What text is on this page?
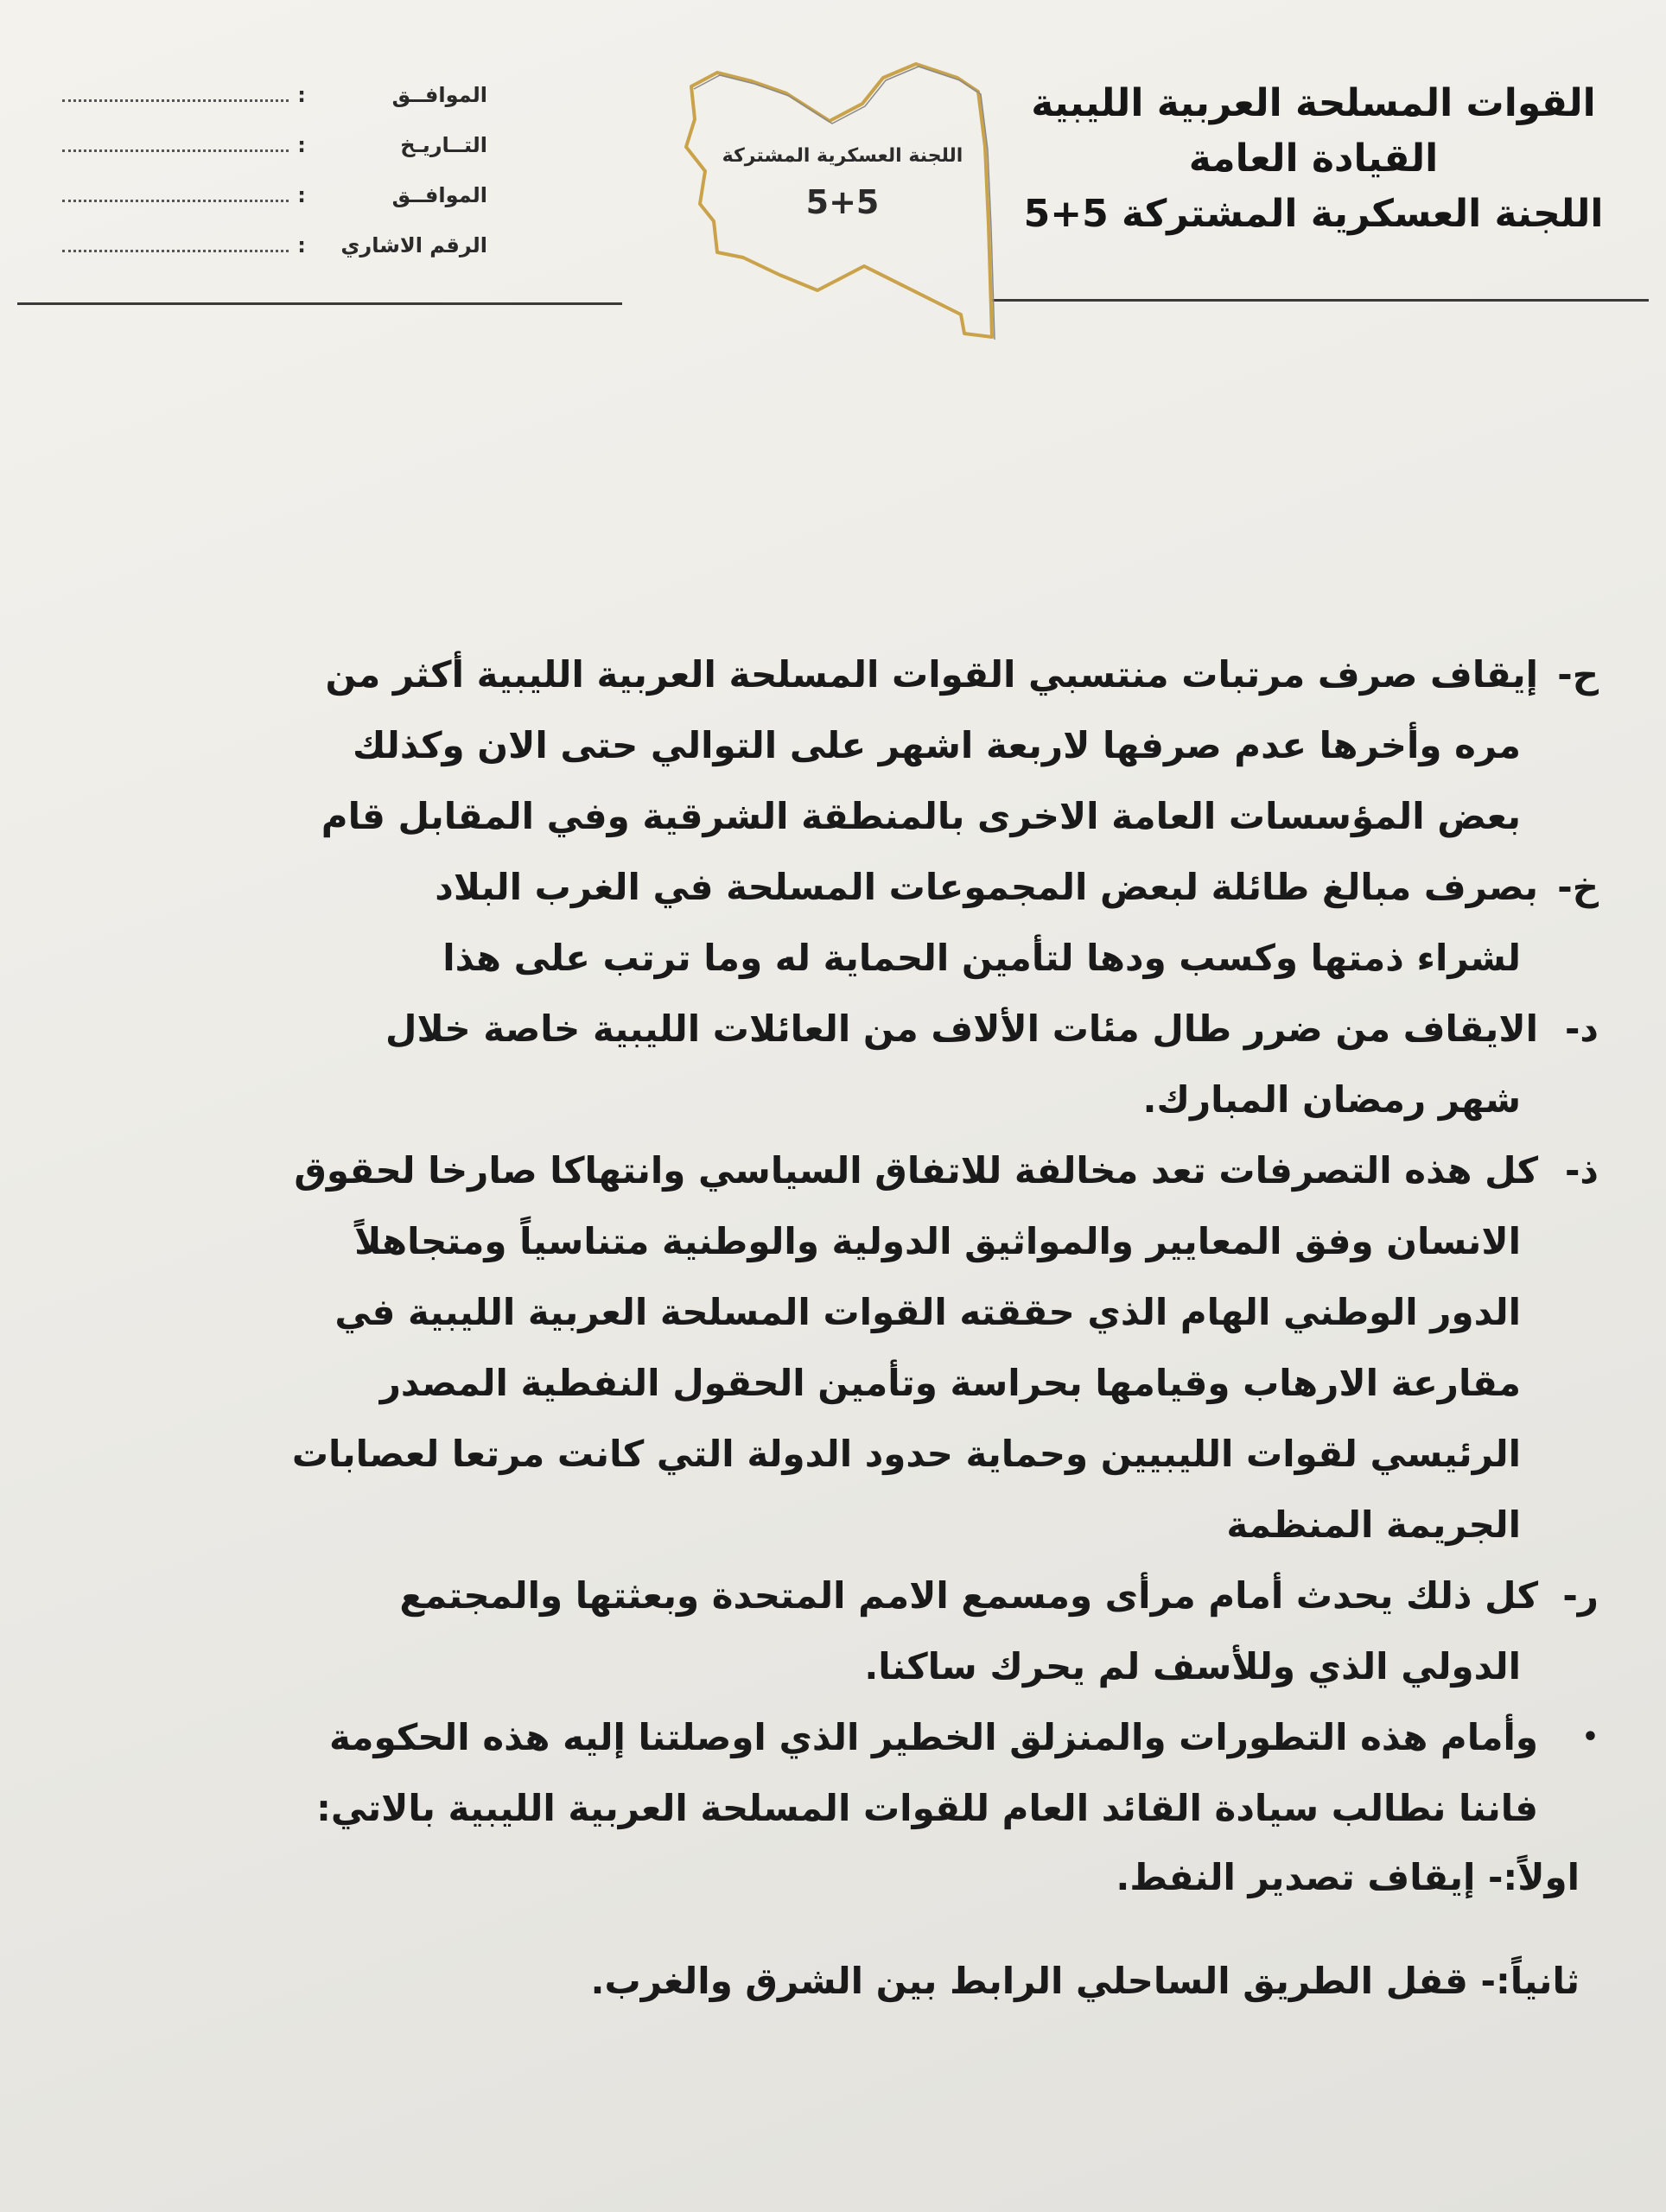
القوات المسلحة العربية الليبية
القيادة العامة
اللجنة العسكرية المشتركة 5+5
الموافــق
:
التــاريـخ
:
الموافــق
:
الرقم الاشاري
:
اللجنة العسكرية المشتركة
5+5
ح-
إيقاف صرف مرتبات منتسبي القوات المسلحة العربية الليبية أكثر من
مره وأخرها عدم صرفها لاربعة اشهر على التوالي حتى الان وكذلك
بعض المؤسسات العامة الاخرى بالمنطقة الشرقية وفي المقابل قام
خ-
بصرف مبالغ طائلة لبعض المجموعات المسلحة في الغرب البلاد
لشراء ذمتها وكسب ودها لتأمين الحماية له وما ترتب على هذا
د-
الايقاف من ضرر طال مئات الألاف من العائلات الليبية خاصة خلال
شهر رمضان المبارك.
ذ-
كل هذه التصرفات تعد مخالفة للاتفاق السياسي وانتهاكا صارخا لحقوق
الانسان وفق المعايير والمواثيق الدولية والوطنية متناسياً ومتجاهلاً
الدور الوطني الهام الذي حققته القوات المسلحة العربية الليبية في
مقارعة الارهاب وقيامها بحراسة وتأمين الحقول النفطية المصدر
الرئيسي لقوات الليبيين وحماية حدود الدولة التي كانت مرتعا لعصابات
الجريمة المنظمة
ر-
كل ذلك يحدث أمام مرأى ومسمع الامم المتحدة وبعثتها والمجتمع
الدولي الذي وللأسف لم يحرك ساكنا.
•
وأمام هذه التطورات والمنزلق الخطير الذي اوصلتنا إليه هذه الحكومة
فاننا نطالب سيادة القائد العام للقوات المسلحة العربية الليبية بالاتي:
اولاً:- إيقاف تصدير النفط.
ثانياً:- قفل الطريق الساحلي الرابط بين الشرق والغرب.
